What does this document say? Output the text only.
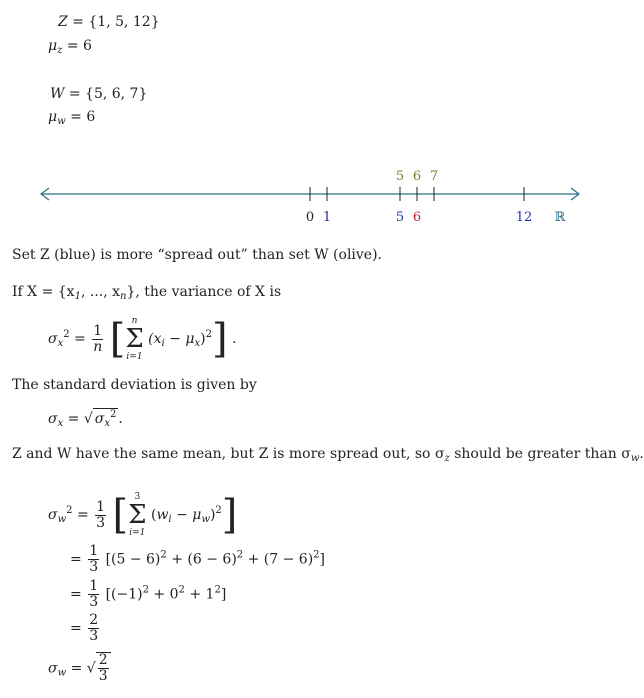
Z = {1, 5, 12}
$\mu_z = 6$
W = {5, 6, 7}
$\mu_w = 6$
5 6 7
0 1	5 6	12 ℝ
Set Z (blue) is more “spread out” than set W (olive).
If $X = \{x_1$, ..., $x_n$}, the variance of X is
$\sigma_x^2 = \frac{1}{n}$ [ n
Σ
i=1
$(x_i - \mu_x)^2$] .
The standard deviation is given by
$\sigma_x$ = √ $\sigma_x^2$ .
Z and W have the same mean, but Z is more spread out, so $\sigma_z$ should be greater than $\sigma_w$.
$\sigma_w^2 = \frac{1}{3}$ [ 3
Σ
i=1
$(w_i - \mu_w)^2$]
= $\frac{1}{3} [(5 - 6)^2 + (6 - 6)^2 + (7 - 6)^2]$
= $\frac{1}{3} [(-1)^2 + 0^2 + 1^2]$
= $\frac{2}{3}$
$\sigma_w$ = √ $\frac{2}{3}$
